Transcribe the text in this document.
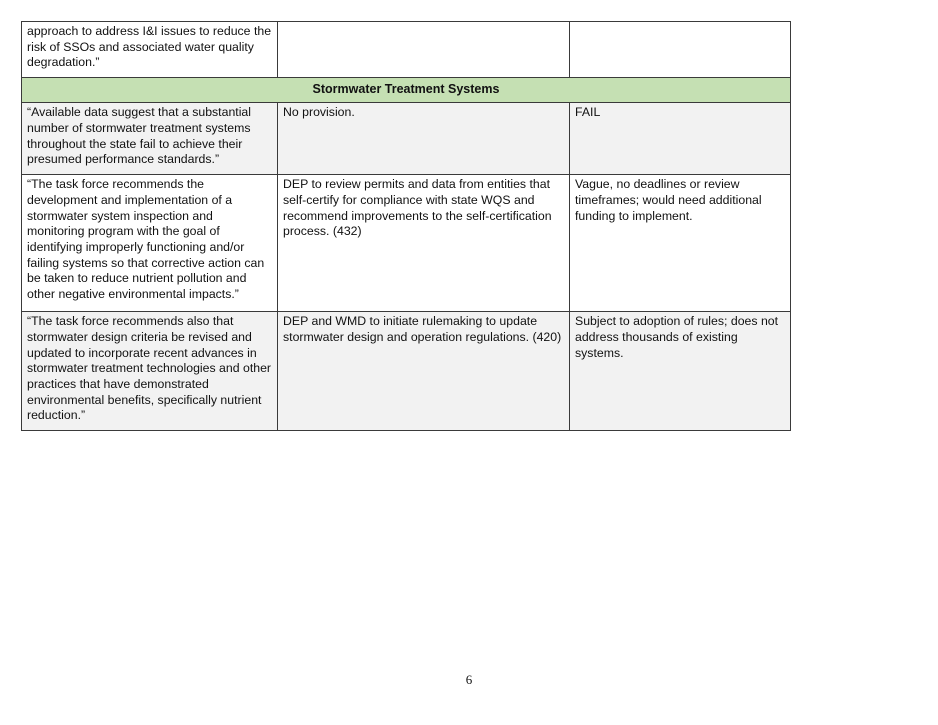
approach to address I&I issues to reduce the risk of SSOs and associated water quality degradation.”		
Stormwater Treatment Systems		
“Available data suggest that a substantial number of stormwater treatment systems throughout the state fail to achieve their presumed performance standards.”	No provision.	FAIL
“The task force recommends the development and implementation of a stormwater system inspection and monitoring program with the goal of identifying improperly functioning and/or failing systems so that corrective action can be taken to reduce nutrient pollution and other negative environmental impacts.”	DEP to review permits and data from entities that self-certify for compliance with state WQS and recommend improvements to the self-certification process. (432)	Vague, no deadlines or review timeframes; would need additional funding to implement.
“The task force recommends also that stormwater design criteria be revised and updated to incorporate recent advances in stormwater treatment technologies and other practices that have demonstrated environmental benefits, specifically nutrient reduction.”	DEP and WMD to initiate rulemaking to update stormwater design and operation regulations. (420)	Subject to adoption of rules; does not address thousands of existing systems.
6
